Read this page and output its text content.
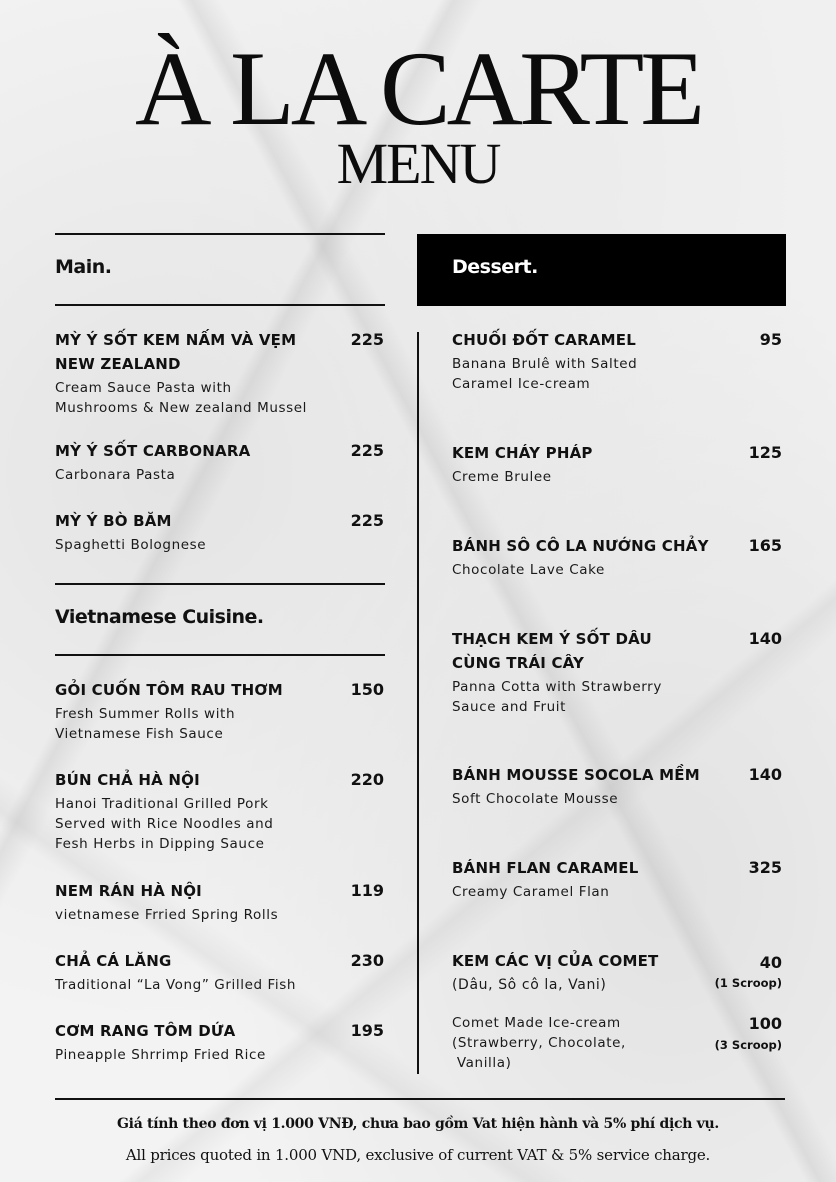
À LA CARTE
MENU
Main.
MỲ Ý SỐT KEM NẤM VÀ VẸM
NEW ZEALAND
Cream Sauce Pasta with
Mushrooms & New zealand Mussel
225
MỲ Ý SỐT CARBONARA
Carbonara Pasta
225
MỲ Ý BÒ BĂM
Spaghetti Bolognese
225
Vietnamese Cuisine.
GỎI CUỐN TÔM RAU THƠM
Fresh Summer Rolls with
Vietnamese Fish Sauce
150
BÚN CHẢ HÀ NỘI
Hanoi Traditional Grilled Pork
Served with Rice Noodles and
Fesh Herbs in Dipping Sauce
220
NEM RÁN HÀ NỘI
vietnamese Frried Spring Rolls
119
CHẢ CÁ LĂNG
Traditional “La Vong” Grilled Fish
230
CƠM RANG TÔM DỨA
Pineapple Shrrimp Fried Rice
195
Dessert.
CHUỐI ĐỐT CARAMEL
Banana Brulê with Salted
Caramel Ice-cream
95
KEM CHÁY PHÁP
Creme Brulee
125
BÁNH SÔ CÔ LA NƯỚNG CHẢY
Chocolate Lave Cake
165
THẠCH KEM Ý SỐT DÂU
CÙNG TRÁI CÂY
Panna Cotta with Strawberry
Sauce and Fruit
140
BÁNH MOUSSE SOCOLA MỀM
Soft Chocolate Mousse
140
BÁNH FLAN CARAMEL
Creamy Caramel Flan
325
KEM CÁC VỊ CỦA COMET
(Dâu, Sô cô la, Vani)
40
(1 Scroop)
Comet Made Ice-cream
(Strawberry, Chocolate,
Vanilla)
100
(3 Scroop)
Giá tính theo đơn vị 1.000 VNĐ, chưa bao gồm Vat hiện hành và 5% phí dịch vụ.
All prices quoted in 1.000 VND, exclusive of current VAT & 5% service charge.
